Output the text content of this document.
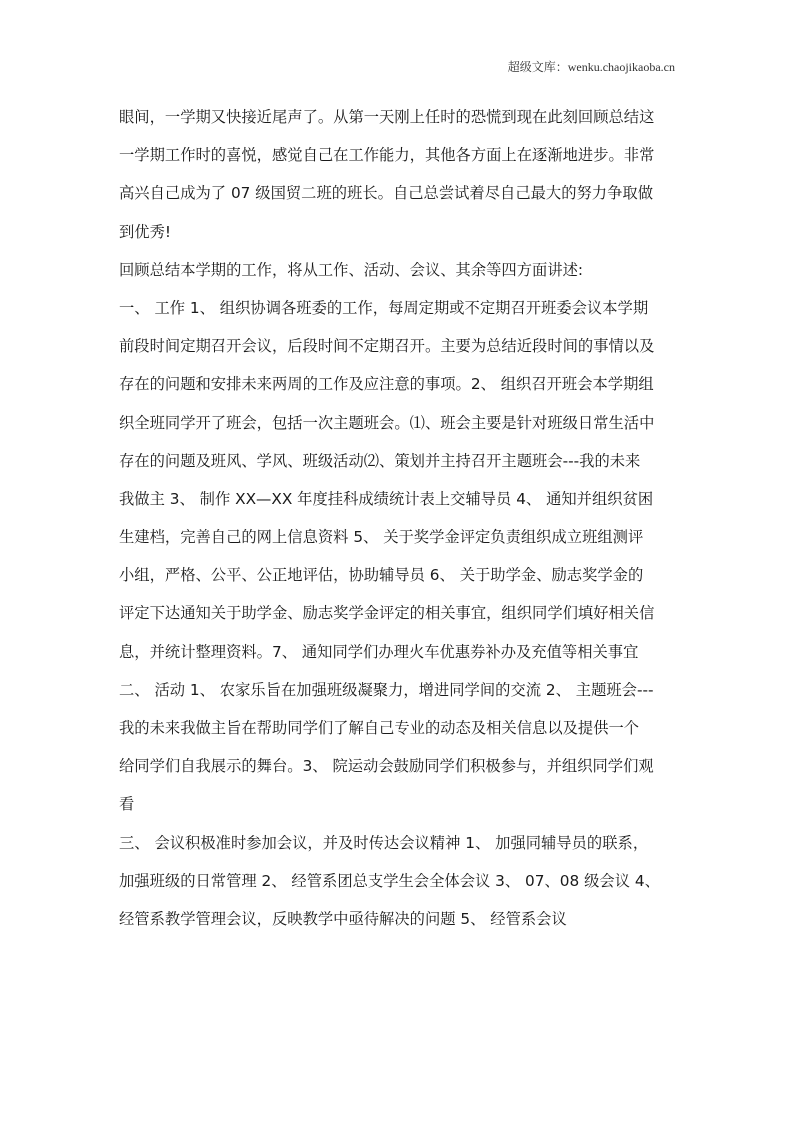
超级文库：wenku.chaojikaoba.cn
眼间，一学期又快接近尾声了。从第一天刚上任时的恐慌到现在此刻回顾总结这
一学期工作时的喜悦，感觉自己在工作能力，其他各方面上在逐渐地进步。非常
高兴自己成为了 07 级国贸二班的班长。自己总尝试着尽自己最大的努力争取做
到优秀!
回顾总结本学期的工作，将从工作、活动、会议、其余等四方面讲述:
一、 工作 1、 组织协调各班委的工作，每周定期或不定期召开班委会议本学期
前段时间定期召开会议，后段时间不定期召开。主要为总结近段时间的事情以及
存在的问题和安排未来两周的工作及应注意的事项。2、 组织召开班会本学期组
织全班同学开了班会，包括一次主题班会。⑴、班会主要是针对班级日常生活中
存在的问题及班风、学风、班级活动⑵、策划并主持召开主题班会---我的未来
我做主 3、 制作 XX—XX 年度挂科成绩统计表上交辅导员 4、 通知并组织贫困
生建档，完善自己的网上信息资料 5、 关于奖学金评定负责组织成立班组测评
小组，严格、公平、公正地评估，协助辅导员 6、 关于助学金、励志奖学金的
评定下达通知关于助学金、励志奖学金评定的相关事宜，组织同学们填好相关信
息，并统计整理资料。7、 通知同学们办理火车优惠券补办及充值等相关事宜
二、 活动 1、 农家乐旨在加强班级凝聚力，增进同学间的交流 2、 主题班会---
我的未来我做主旨在帮助同学们了解自己专业的动态及相关信息以及提供一个
给同学们自我展示的舞台。3、 院运动会鼓励同学们积极参与，并组织同学们观
看
三、 会议积极准时参加会议，并及时传达会议精神 1、 加强同辅导员的联系，
加强班级的日常管理 2、 经管系团总支学生会全体会议 3、 07、08 级会议 4、
经管系教学管理会议，反映教学中亟待解决的问题 5、 经管系会议
